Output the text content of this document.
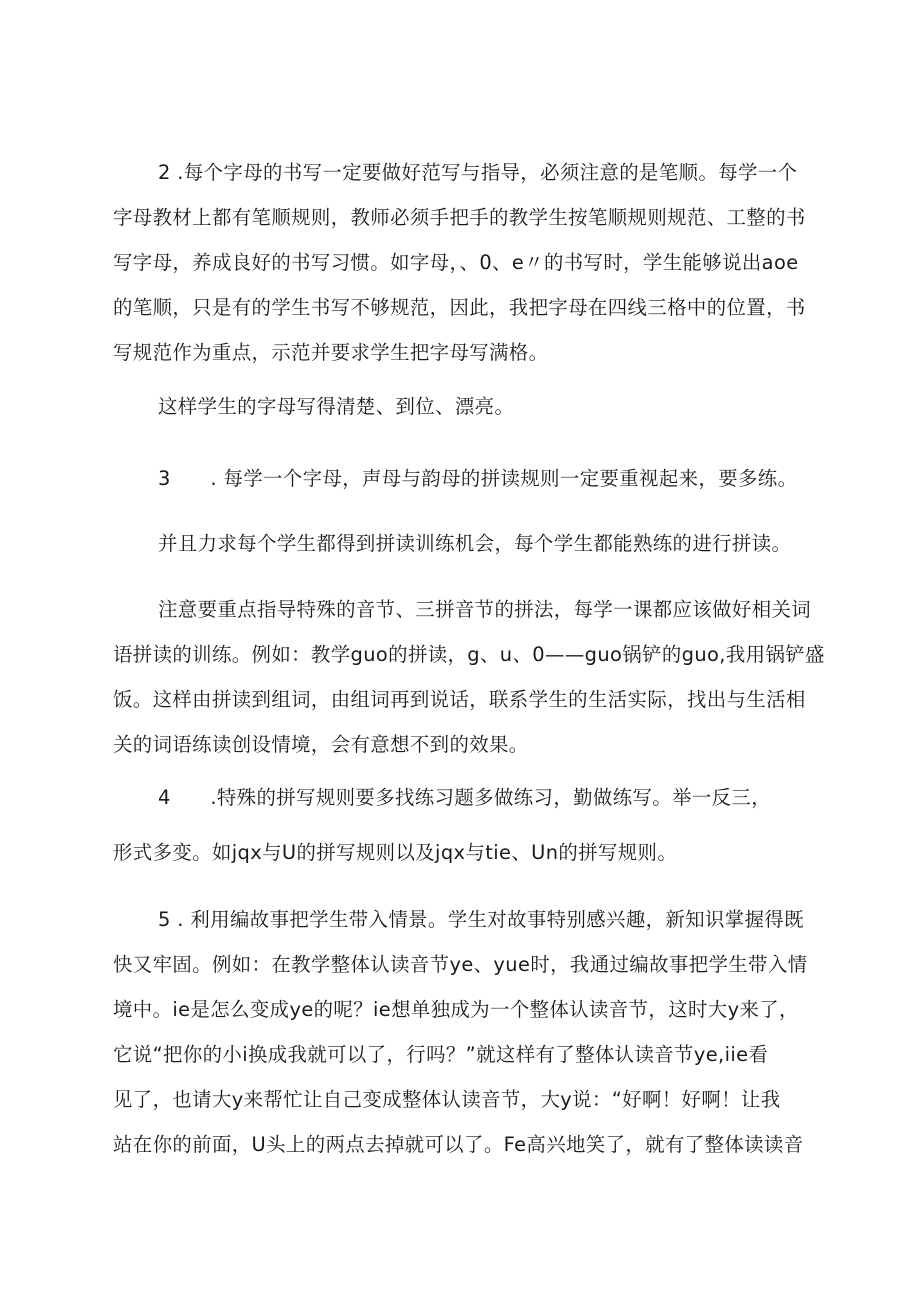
2 .每个字母的书写一定要做好范写与指导，必须注意的是笔顺。每学一个
字母教材上都有笔顺规则，教师必须手把手的教学生按笔顺规则规范、工整的书
写字母，养成良好的书写习惯。如字母，、0、e〃的书写时，学生能够说出aoe
的笔顺，只是有的学生书写不够规范，因此，我把字母在四线三格中的位置，书
写规范作为重点，示范并要求学生把字母写满格。
这样学生的字母写得清楚、到位、漂亮。
3　　. 每学一个字母，声母与韵母的拼读规则一定要重视起来，要多练。
并且力求每个学生都得到拼读训练机会，每个学生都能熟练的进行拼读。
注意要重点指导特殊的音节、三拼音节的拼法，每学一课都应该做好相关词
语拼读的训练。例如：教学guo的拼读，g、u、0——guo锅铲的guo,我用锅铲盛
饭。这样由拼读到组词，由组词再到说话，联系学生的生活实际，找出与生活相
关的词语练读创设情境，会有意想不到的效果。
4　　.特殊的拼写规则要多找练习题多做练习，勤做练写。举一反三，
形式多变。如jqx与U的拼写规则以及jqx与tie、Un的拼写规则。
5 . 利用编故事把学生带入情景。学生对故事特别感兴趣，新知识掌握得既
快又牢固。例如：在教学整体认读音节ye、yue时，我通过编故事把学生带入情
境中。ie是怎么变成ye的呢？ie想单独成为一个整体认读音节，这时大y来了，
它说“把你的小i换成我就可以了，行吗？”就这样有了整体认读音节ye,iie看
见了，也请大y来帮忙让自己变成整体认读音节，大y说：“好啊！好啊！让我
站在你的前面，U头上的两点去掉就可以了。Fe高兴地笑了，就有了整体读读音
